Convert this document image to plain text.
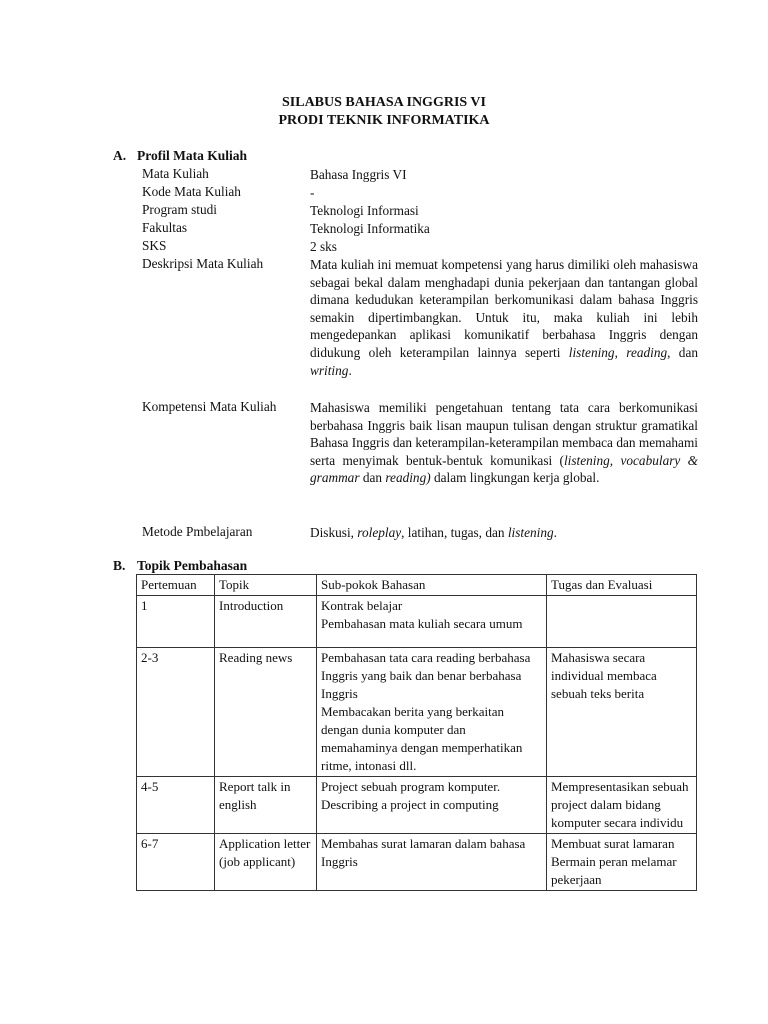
SILABUS BAHASA INGGRIS VI
PRODI TEKNIK INFORMATIKA
A. Profil Mata Kuliah
Mata Kuliah	Bahasa Inggris VI
Kode Mata Kuliah	-
Program studi	Teknologi Informasi
Fakultas	Teknologi Informatika
SKS	2 sks
Deskripsi Mata Kuliah	Mata kuliah ini memuat kompetensi yang harus dimiliki oleh mahasiswa sebagai bekal dalam menghadapi dunia pekerjaan dan tantangan global dimana kedudukan keterampilan berkomunikasi dalam bahasa Inggris semakin dipertimbangkan. Untuk itu, maka kuliah ini lebih mengedepankan aplikasi komunikatif berbahasa Inggris dengan didukung oleh keterampilan lainnya seperti listening, reading, dan writing.
Kompetensi Mata Kuliah	Mahasiswa memiliki pengetahuan tentang tata cara berkomunikasi berbahasa Inggris baik lisan maupun tulisan dengan struktur gramatikal Bahasa Inggris dan keterampilan-keterampilan membaca dan memahami serta menyimak bentuk-bentuk komunikasi (listening, vocabulary & grammar dan reading) dalam lingkungan kerja global.
Metode Pmbelajaran	Diskusi, roleplay, latihan, tugas, dan listening.
B. Topik Pembahasan
Pertemuan	Topik	Sub-pokok Bahasan	Tugas dan Evaluasi
1	Introduction	Kontrak belajar
Pembahasan mata kuliah secara umum	

2-3	Reading news	Pembahasan tata cara reading berbahasa Inggris yang baik dan benar berbahasa Inggris
Membacakan berita yang berkaitan dengan dunia komputer dan memahaminya dengan memperhatikan ritme, intonasi dll.	Mahasiswa secara individual membaca sebuah teks berita

4-5	Report talk in english	Project sebuah program komputer.
Describing a project in computing	Mempresentasikan sebuah project dalam bidang komputer secara individu

6-7	Application letter (job applicant)	Membahas surat lamaran dalam bahasa Inggris	Membuat surat lamaran
Bermain peran melamar pekerjaan
